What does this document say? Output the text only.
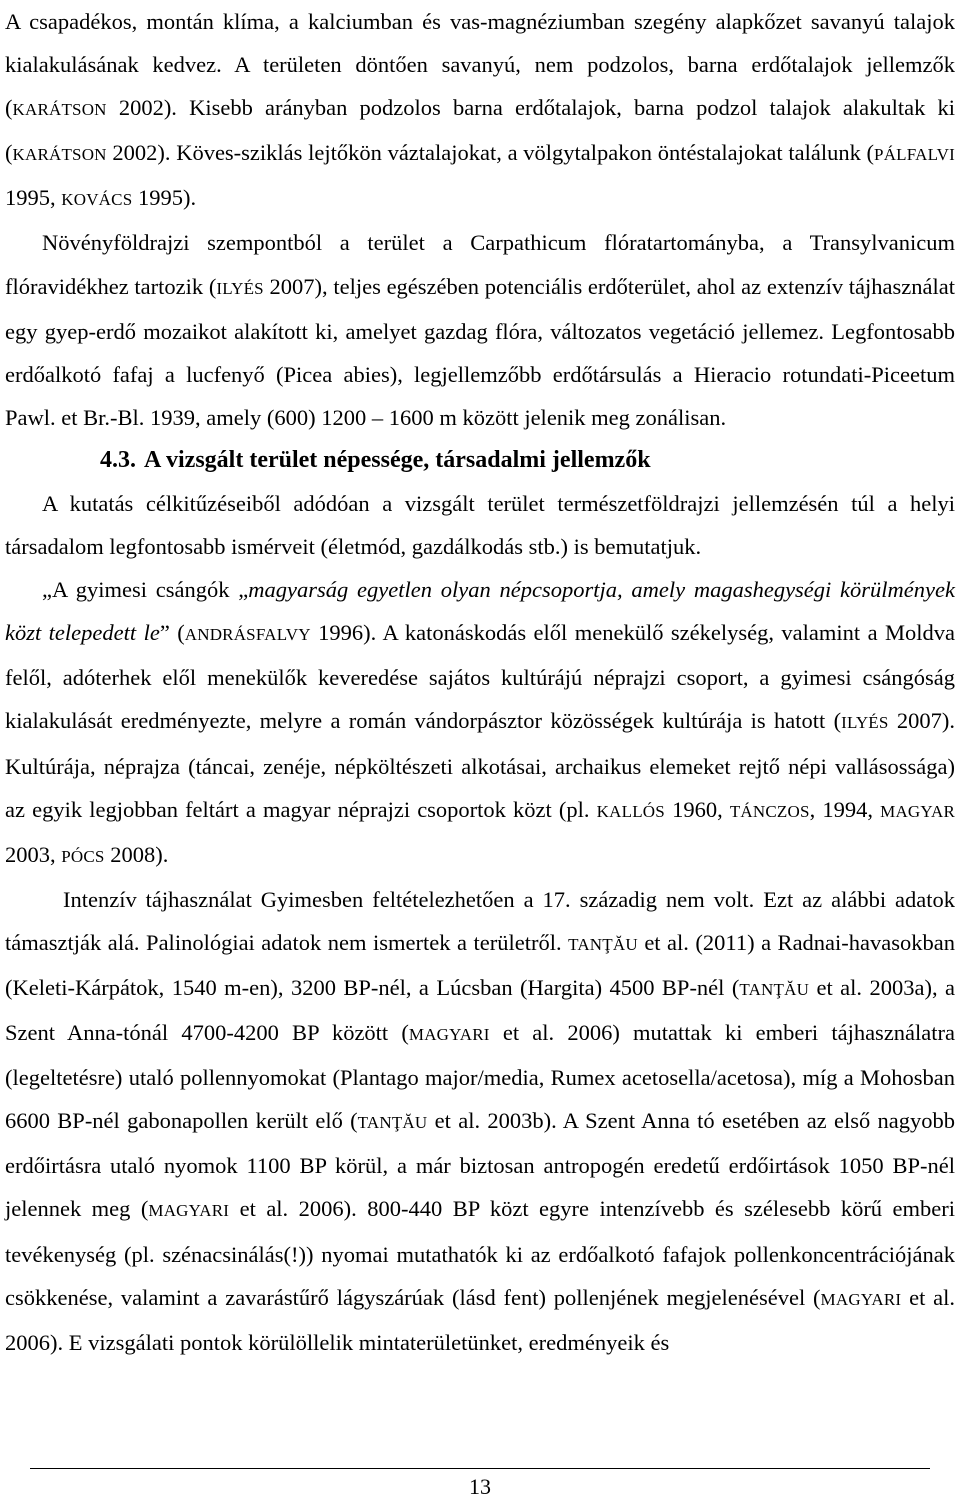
A csapadékos, montán klíma, a kalciumban és vas-magnéziumban szegény alapkőzet savanyú talajok kialakulásának kedvez. A területen döntően savanyú, nem podzolos, barna erdőtalajok jellemzők (KARÁTSON 2002). Kisebb arányban podzolos barna erdőtalajok, barna podzol talajok alakultak ki (KARÁTSON 2002). Köves-sziklás lejtőkön váztalajokat, a völgytalpakon öntéstalajokat találunk (PÁLFALVI 1995, KOVÁCS 1995).

Növényföldrajzi szempontból a terület a Carpathicum flóratartományba, a Transylvanicum flóravidékhez tartozik (ILYÉS 2007), teljes egészében potenciális erdőterület, ahol az extenzív tájhasználat egy gyep-erdő mozaikot alakított ki, amelyet gazdag flóra, változatos vegetáció jellemez. Legfontosabb erdőalkotó fafaj a lucfenyő (Picea abies), legjellemzőbb erdőtársulás a Hieracio rotundati-Piceetum Pawl. et Br.-Bl. 1939, amely (600) 1200 – 1600 m között jelenik meg zonálisan.

4.3. A vizsgált terület népessége, társadalmi jellemzők

A kutatás célkitűzéseiből adódóan a vizsgált terület természetföldrajzi jellemzésén túl a helyi társadalom legfontosabb ismérveit (életmód, gazdálkodás stb.) is bemutatjuk.

„A gyimesi csángók „magyarság egyetlen olyan népcsoportja, amely magashegységi körülmények közt telepedett le” (ANDRÁSFALVY 1996). A katonáskodás elől menekülő székelység, valamint a Moldva felől, adóterhek elől menekülők keveredése sajátos kultúrájú néprajzi csoport, a gyimesi csángóság kialakulását eredményezte, melyre a román vándorpásztor közösségek kultúrája is hatott (ILYÉS 2007). Kultúrája, néprajza (táncai, zenéje, népköltészeti alkotásai, archaikus elemeket rejtő népi vallásossága) az egyik legjobban feltárt a magyar néprajzi csoportok közt (pl. KALLÓS 1960, TÁNCZOS, 1994, MAGYAR 2003, PÓCS 2008).

Intenzív tájhasználat Gyimesben feltételezhetően a 17. századig nem volt. Ezt az alábbi adatok támasztják alá. Palinológiai adatok nem ismertek a területről. TANŢĂU et al. (2011) a Radnai-havasokban (Keleti-Kárpátok, 1540 m-en), 3200 BP-nél, a Lúcsban (Hargita) 4500 BP-nél (TANŢĂU et al. 2003a), a Szent Anna-tónál 4700-4200 BP között (MAGYARI et al. 2006) mutattak ki emberi tájhasználatra (legeltetésre) utaló pollennyomokat (Plantago major/media, Rumex acetosella/acetosa), míg a Mohosban 6600 BP-nél gabonapollen került elő (TANŢĂU et al. 2003b). A Szent Anna tó esetében az első nagyobb erdőirtásra utaló nyomok 1100 BP körül, a már biztosan antropogén eredetű erdőirtások 1050 BP-nél jelennek meg (MAGYARI et al. 2006). 800-440 BP közt egyre intenzívebb és szélesebb körű emberi tevékenység (pl. szénacsinálás(!)) nyomai mutathatók ki az erdőalkotó fafajok pollenkoncentrációjának csökkenése, valamint a zavarástűrő lágyszárúak (lásd fent) pollenjének megjelenésével (MAGYARI et al. 2006). E vizsgálati pontok körülöllelik mintaterületünket, eredményeik és

13
